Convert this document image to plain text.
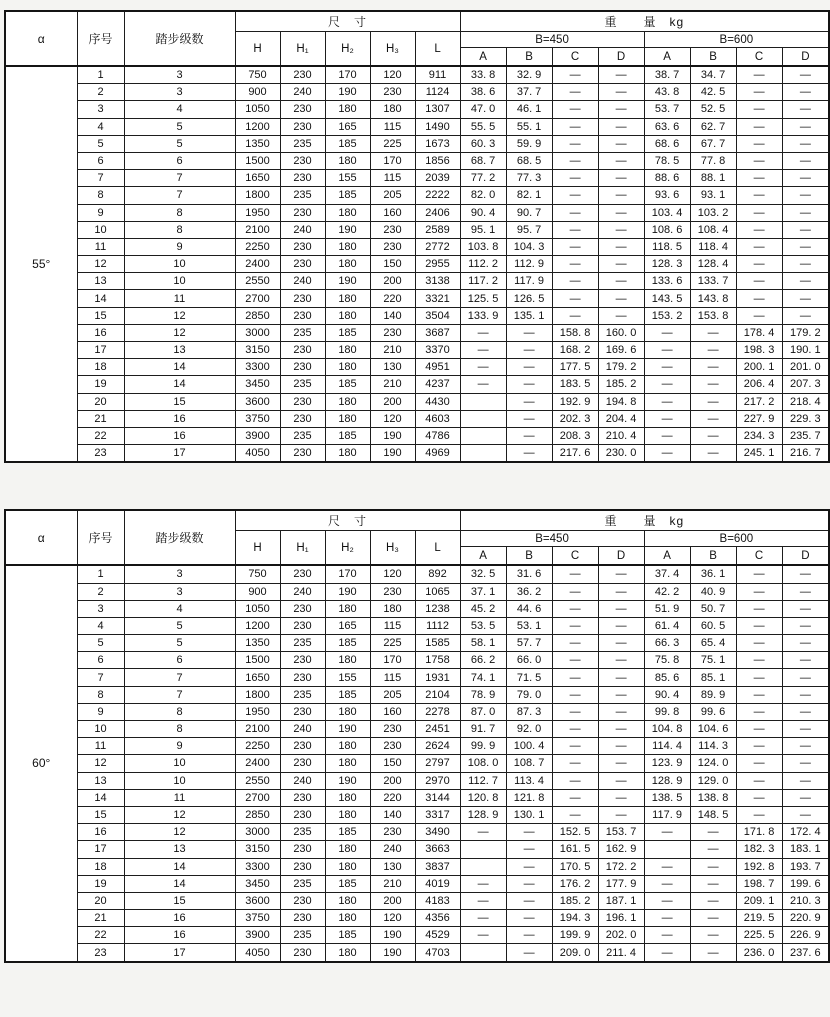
α	序号	踏步级数	尺　寸					重　　量　kg							
			H	H₁	H₂	H₃	L	B=450				B=600			
								A	B	C	D	A	B	C	D
55°	1	3	750	230	170	120	911	33. 8	32. 9	—	—	38. 7	34. 7	—	—
	2	3	900	240	190	230	1124	38. 6	37. 7	—	—	43. 8	42. 5	—	—
	3	4	1050	230	180	180	1307	47. 0	46. 1	—	—	53. 7	52. 5	—	—
	4	5	1200	230	165	115	1490	55. 5	55. 1	—	—	63. 6	62. 7	—	—
	5	5	1350	235	185	225	1673	60. 3	59. 9	—	—	68. 6	67. 7	—	—
	6	6	1500	230	180	170	1856	68. 7	68. 5	—	—	78. 5	77. 8	—	—
	7	7	1650	230	155	115	2039	77. 2	77. 3	—	—	88. 6	88. 1	—	—
	8	7	1800	235	185	205	2222	82. 0	82. 1	—	—	93. 6	93. 1	—	—
	9	8	1950	230	180	160	2406	90. 4	90. 7	—	—	103. 4	103. 2	—	—
	10	8	2100	240	190	230	2589	95. 1	95. 7	—	—	108. 6	108. 4	—	—
	11	9	2250	230	180	230	2772	103. 8	104. 3	—	—	118. 5	118. 4	—	—
	12	10	2400	230	180	150	2955	112. 2	112. 9	—	—	128. 3	128. 4	—	—
	13	10	2550	240	190	200	3138	117. 2	117. 9	—	—	133. 6	133. 7	—	—
	14	11	2700	230	180	220	3321	125. 5	126. 5	—	—	143. 5	143. 8	—	—
	15	12	2850	230	180	140	3504	133. 9	135. 1	—	—	153. 2	153. 8	—	—
	16	12	3000	235	185	230	3687	—	—	158. 8	160. 0	—	—	178. 4	179. 2
	17	13	3150	230	180	210	3370	—	—	168. 2	169. 6	—	—	198. 3	190. 1
	18	14	3300	230	180	130	4951	—	—	177. 5	179. 2	—	—	200. 1	201. 0
	19	14	3450	235	185	210	4237	—	—	183. 5	185. 2	—	—	206. 4	207. 3
	20	15	3600	230	180	200	4430		—	192. 9	194. 8	—	—	217. 2	218. 4
	21	16	3750	230	180	120	4603		—	202. 3	204. 4	—	—	227. 9	229. 3
	22	16	3900	235	185	190	4786		—	208. 3	210. 4	—	—	234. 3	235. 7
	23	17	4050	230	180	190	4969		—	217. 6	230. 0	—	—	245. 1	216. 7
α	序号	踏步级数	尺　寸					重　　量　kg							
			H	H₁	H₂	H₃	L	B=450				B=600			
								A	B	C	D	A	B	C	D
60°	1	3	750	230	170	120	892	32. 5	31. 6	—	—	37. 4	36. 1	—	—
	2	3	900	240	190	230	1065	37. 1	36. 2	—	—	42. 2	40. 9	—	—
	3	4	1050	230	180	180	1238	45. 2	44. 6	—	—	51. 9	50. 7	—	—
	4	5	1200	230	165	115	1112	53. 5	53. 1	—	—	61. 4	60. 5	—	—
	5	5	1350	235	185	225	1585	58. 1	57. 7	—	—	66. 3	65. 4	—	—
	6	6	1500	230	180	170	1758	66. 2	66. 0	—	—	75. 8	75. 1	—	—
	7	7	1650	230	155	115	1931	74. 1	71. 5	—	—	85. 6	85. 1	—	—
	8	7	1800	235	185	205	2104	78. 9	79. 0	—	—	90. 4	89. 9	—	—
	9	8	1950	230	180	160	2278	87. 0	87. 3	—	—	99. 8	99. 6	—	—
	10	8	2100	240	190	230	2451	91. 7	92. 0	—	—	104. 8	104. 6	—	—
	11	9	2250	230	180	230	2624	99. 9	100. 4	—	—	114. 4	114. 3	—	—
	12	10	2400	230	180	150	2797	108. 0	108. 7	—	—	123. 9	124. 0	—	—
	13	10	2550	240	190	200	2970	112. 7	113. 4	—	—	128. 9	129. 0	—	—
	14	11	2700	230	180	220	3144	120. 8	121. 8	—	—	138. 5	138. 8	—	—
	15	12	2850	230	180	140	3317	128. 9	130. 1	—	—	117. 9	148. 5	—	—
	16	12	3000	235	185	230	3490	—	—	152. 5	153. 7	—	—	171. 8	172. 4
	17	13	3150	230	180	240	3663		—	161. 5	162. 9		—	182. 3	183. 1
	18	14	3300	230	180	130	3837		—	170. 5	172. 2	—	—	192. 8	193. 7
	19	14	3450	235	185	210	4019	—	—	176. 2	177. 9	—	—	198. 7	199. 6
	20	15	3600	230	180	200	4183	—	—	185. 2	187. 1	—	—	209. 1	210. 3
	21	16	3750	230	180	120	4356	—	—	194. 3	196. 1	—	—	219. 5	220. 9
	22	16	3900	235	185	190	4529	—	—	199. 9	202. 0	—	—	225. 5	226. 9
	23	17	4050	230	180	190	4703		—	209. 0	211. 4	—	—	236. 0	237. 6
